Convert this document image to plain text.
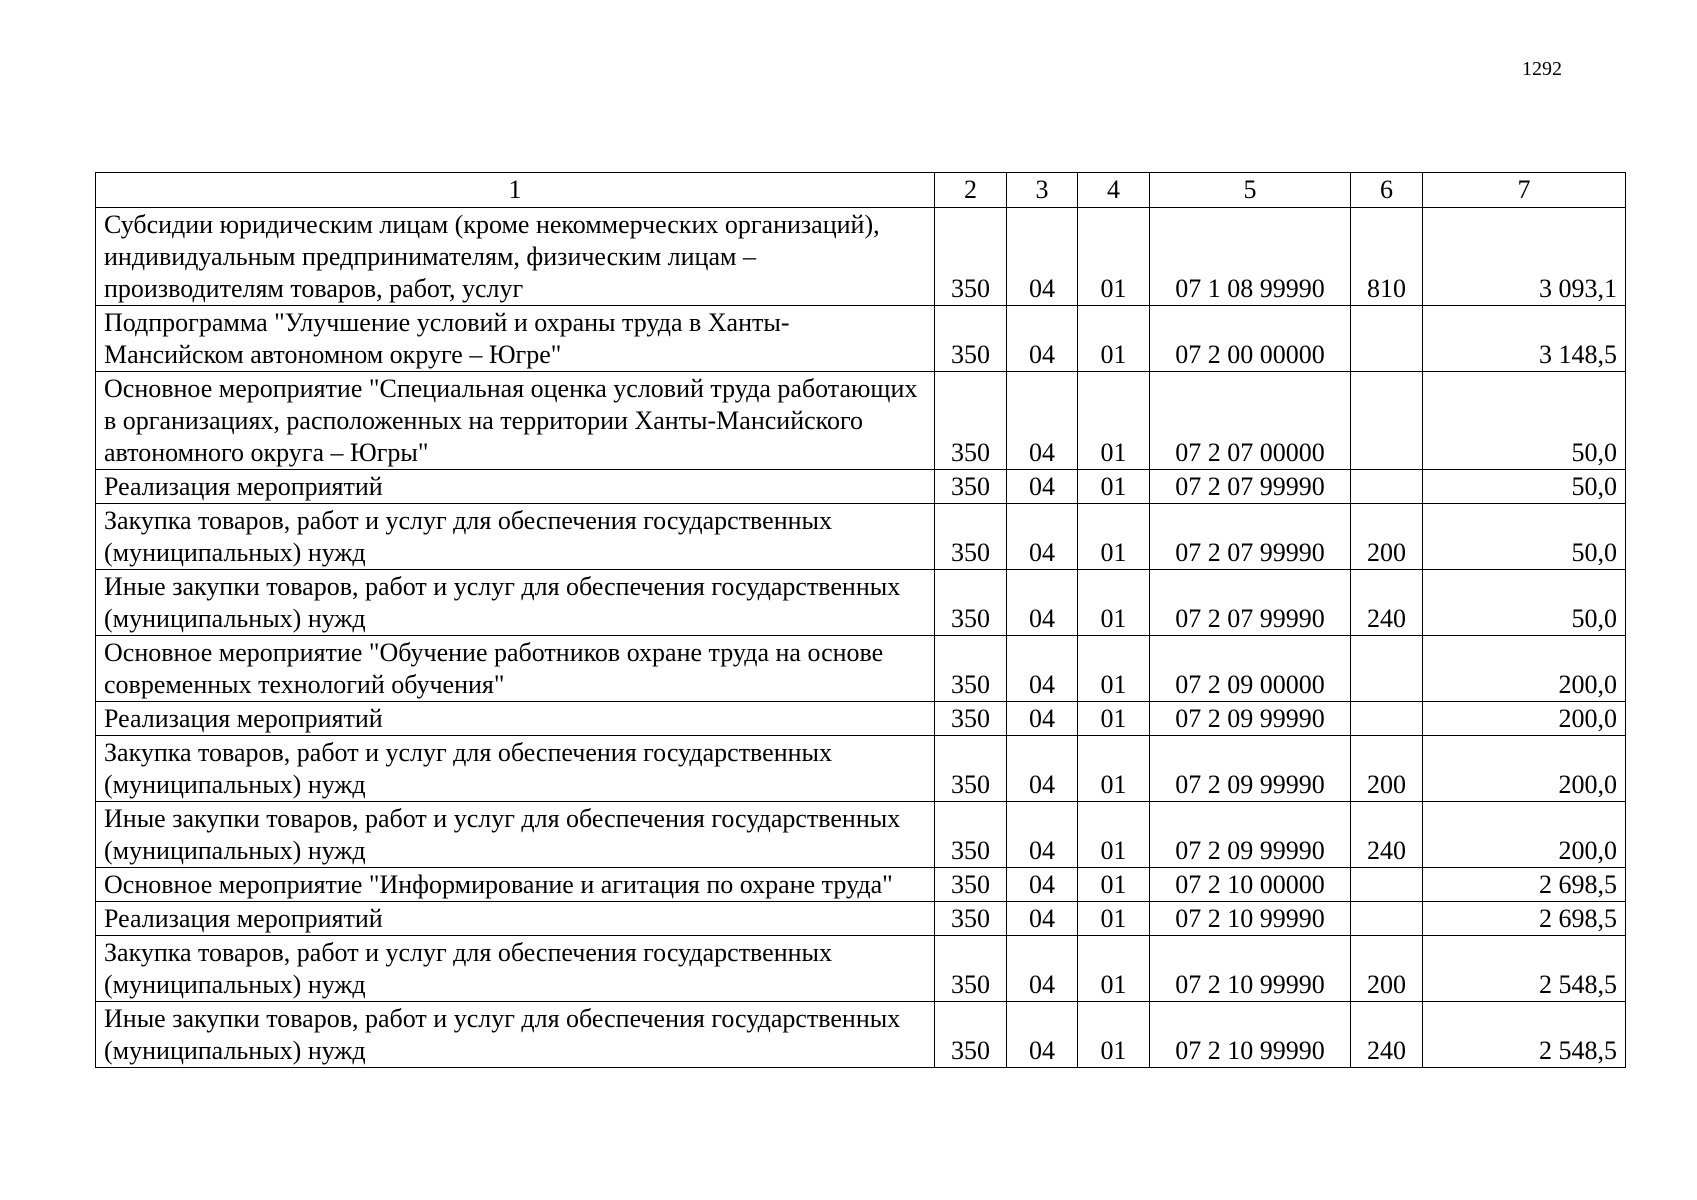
1292
1	2	3	4	5	6	7
Субсидии юридическим лицам (кроме некоммерческих организаций), индивидуальным предпринимателям, физическим лицам – производителям товаров, работ, услуг	350	04	01	07 1 08 99990	810	3 093,1
Подпрограмма "Улучшение условий и охраны труда в Ханты-Мансийском автономном округе – Югре"	350	04	01	07 2 00 00000		3 148,5
Основное мероприятие "Специальная оценка условий труда работающих в организациях, расположенных на территории Ханты-Мансийского автономного округа – Югры"	350	04	01	07 2 07 00000		50,0
Реализация мероприятий	350	04	01	07 2 07 99990		50,0
Закупка товаров, работ и услуг для обеспечения государственных (муниципальных) нужд	350	04	01	07 2 07 99990	200	50,0
Иные закупки товаров, работ и услуг для обеспечения государственных (муниципальных) нужд	350	04	01	07 2 07 99990	240	50,0
Основное мероприятие "Обучение работников охране труда на основе современных технологий обучения"	350	04	01	07 2 09 00000		200,0
Реализация мероприятий	350	04	01	07 2 09 99990		200,0
Закупка товаров, работ и услуг для обеспечения государственных (муниципальных) нужд	350	04	01	07 2 09 99990	200	200,0
Иные закупки товаров, работ и услуг для обеспечения государственных (муниципальных) нужд	350	04	01	07 2 09 99990	240	200,0
Основное мероприятие "Информирование и агитация по охране труда"	350	04	01	07 2 10 00000		2 698,5
Реализация мероприятий	350	04	01	07 2 10 99990		2 698,5
Закупка товаров, работ и услуг для обеспечения государственных (муниципальных) нужд	350	04	01	07 2 10 99990	200	2 548,5
Иные закупки товаров, работ и услуг для обеспечения государственных (муниципальных) нужд	350	04	01	07 2 10 99990	240	2 548,5
